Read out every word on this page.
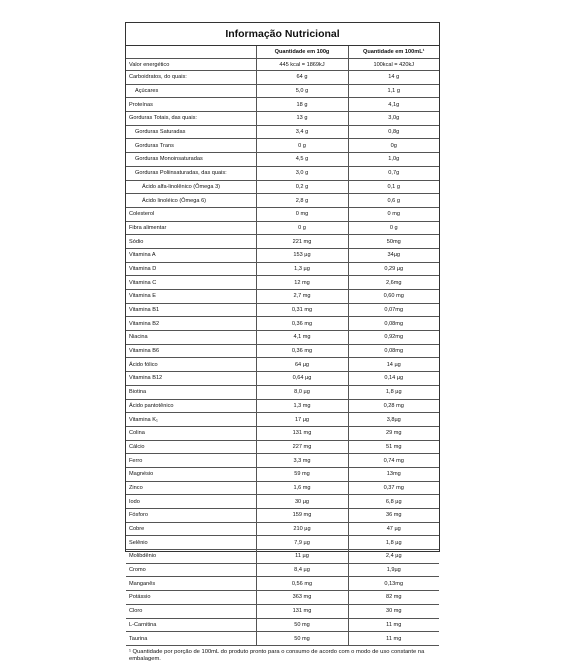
Informação Nutricional
	Quantidade em 100g	Quantidade em 100mL¹
Valor energético	445 kcal = 1869kJ	100kcal = 420kJ
Carboidratos, do quais:	64 g	14 g
Açúcares	5,0 g	1,1 g
Proteínas	18 g	4,1g
Gorduras Totais, das quais:	13 g	3,0g
Gorduras Saturadas	3,4 g	0,8g
Gorduras Trans	0 g	0g
Gorduras Monoinsaturadas	4,5 g	1,0g
Gorduras Poliinsaturadas, das quais:	3,0 g	0,7g
Ácido alfa-linolênico (Ômega 3)	0,2 g	0,1 g
Ácido linoléico (Ômega 6)	2,8 g	0,6 g
Colesterol	0 mg	0 mg
Fibra alimentar	0 g	0 g
Sódio	221 mg	50mg
Vitamina A	153 µg	34µg
Vitamina D	1,3 µg	0,29 µg
Vitamina C	12 mg	2,6mg
Vitamina E	2,7 mg	0,60 mg
Vitamina B1	0,31 mg	0,07mg
Vitamina B2	0,36 mg	0,08mg
Niacina	4,1 mg	0,92mg
Vitamina B6	0,36 mg	0,08mg
Ácido fólico	64 µg	14 µg
Vitamina B12	0,64 µg	0,14 µg
Biotina	8,0 µg	1,8 µg
Ácido pantotênico	1,3 mg	0,28 mg
Vitamina K₁	17 µg	3,8µg
Colina	131 mg	29 mg
Cálcio	227 mg	51 mg
Ferro	3,3 mg	0,74 mg
Magnésio	59 mg	13mg
Zinco	1,6 mg	0,37 mg
Iodo	30 µg	6,8 µg
Fósforo	159 mg	36 mg
Cobre	210 µg	47 µg
Selênio	7,9 µg	1,8 µg
Molibdênio	11 µg	2,4 µg
Cromo	8,4 µg	1,9µg
Manganês	0,56 mg	0,13mg
Potássio	363 mg	82 mg
Cloro	131 mg	30 mg
L-Carnitina	50 mg	11 mg
Taurina	50 mg	11 mg
¹ Quantidade por porção de 100mL do produto pronto para o consumo de acordo com o modo de uso constante na embalagem.
